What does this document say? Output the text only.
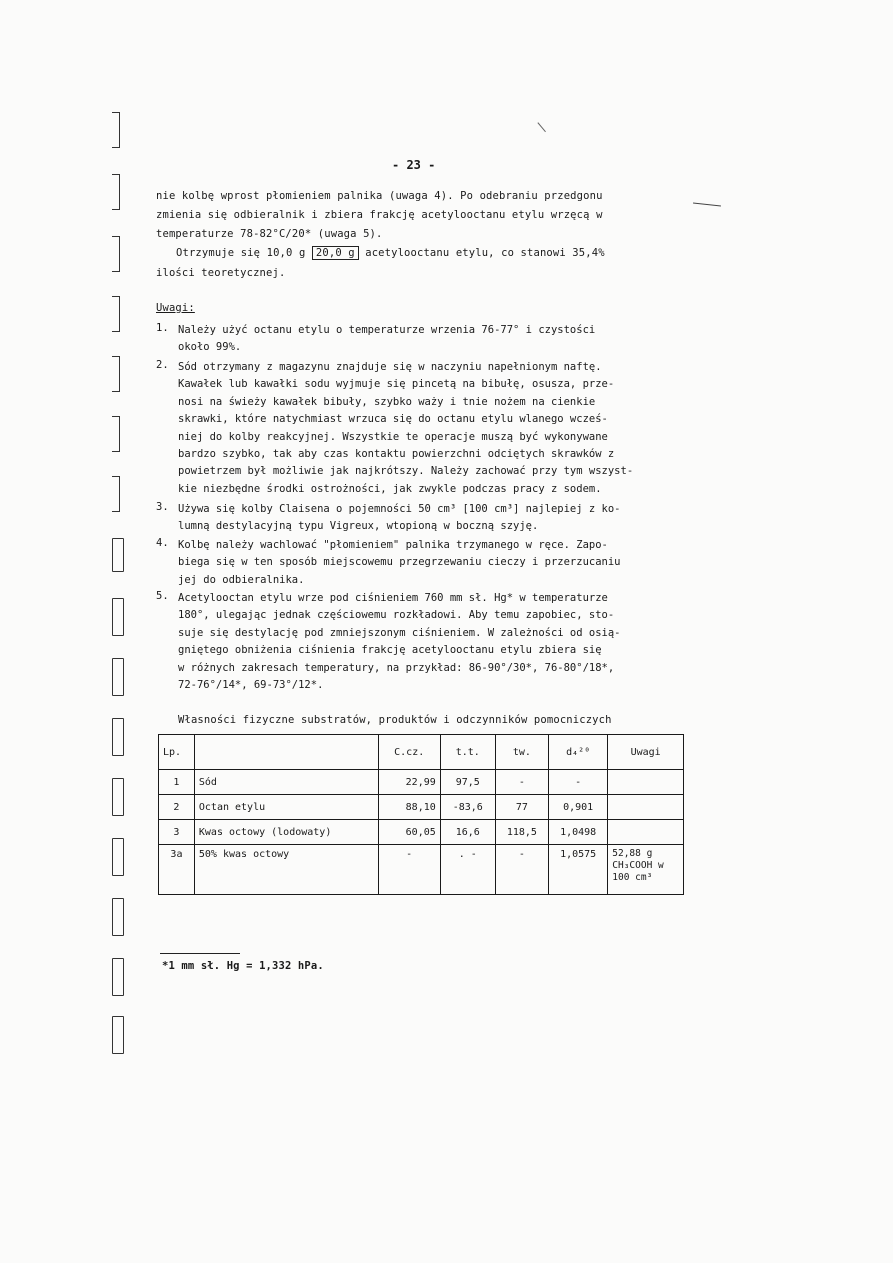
- 23 -
nie kolbę wprost płomieniem palnika (uwaga 4). Po odebraniu przedgonu
zmienia się odbieralnik i zbiera frakcję acetylooctanu etylu wrzęcą w
temperaturze 78-82°C/20* (uwaga 5).
Otrzymuje się 10,0 g 20,0 g acetylooctanu etylu, co stanowi 35,4%
ilości teoretycznej.
Uwagi:
1. Należy użyć octanu etylu o temperaturze wrzenia 76-77° i czystości
około 99%.
2. Sód otrzymany z magazynu znajduje się w naczyniu napełnionym naftę.
Kawałek lub kawałki sodu wyjmuje się pincetą na bibułę, osusza, prze-
nosi na świeży kawałek bibuły, szybko waży i tnie nożem na cienkie
skrawki, które natychmiast wrzuca się do octanu etylu wlanego wcześ-
niej do kolby reakcyjnej. Wszystkie te operacje muszą być wykonywane
bardzo szybko, tak aby czas kontaktu powierzchni odciętych skrawków z
powietrzem był możliwie jak najkrótszy. Należy zachować przy tym wszyst-
kie niezbędne środki ostrożności, jak zwykle podczas pracy z sodem.
3. Używa się kolby Claisena o pojemności 50 cm³ [100 cm³] najlepiej z ko-
lumną destylacyjną typu Vigreux, wtopioną w boczną szyję.
4. Kolbę należy wachlować "płomieniem" palnika trzymanego w ręce. Zapo-
biega się w ten sposób miejscowemu przegrzewaniu cieczy i przerzucaniu
jej do odbieralnika.
5. Acetylooctan etylu wrze pod ciśnieniem 760 mm sł. Hg* w temperaturze
180°, ulegając jednak częściowemu rozkładowi. Aby temu zapobiec, sto-
suje się destylację pod zmniejszonym ciśnieniem. W zależności od osią-
gniętego obniżenia ciśnienia frakcję acetylooctanu etylu zbiera się
w różnych zakresach temperatury, na przykład: 86-90°/30*, 76-80°/18*,
72-76°/14*, 69-73°/12*.
Własności fizyczne substratów, produktów i odczynników pomocniczych
Lp.		C.cz.	t.t.	tw.	d₄²⁰	Uwagi
1	Sód	22,99	97,5	-	-	
2	Octan etylu	88,10	-83,6	77	0,901	
3	Kwas octowy (lodowaty)	60,05	16,6	118,5	1,0498	
3a	50% kwas octowy	-	. -	-	1,0575	52,88 g CH₃COOH w 100 cm³
*1 mm sł. Hg = 1,332 hPa.
